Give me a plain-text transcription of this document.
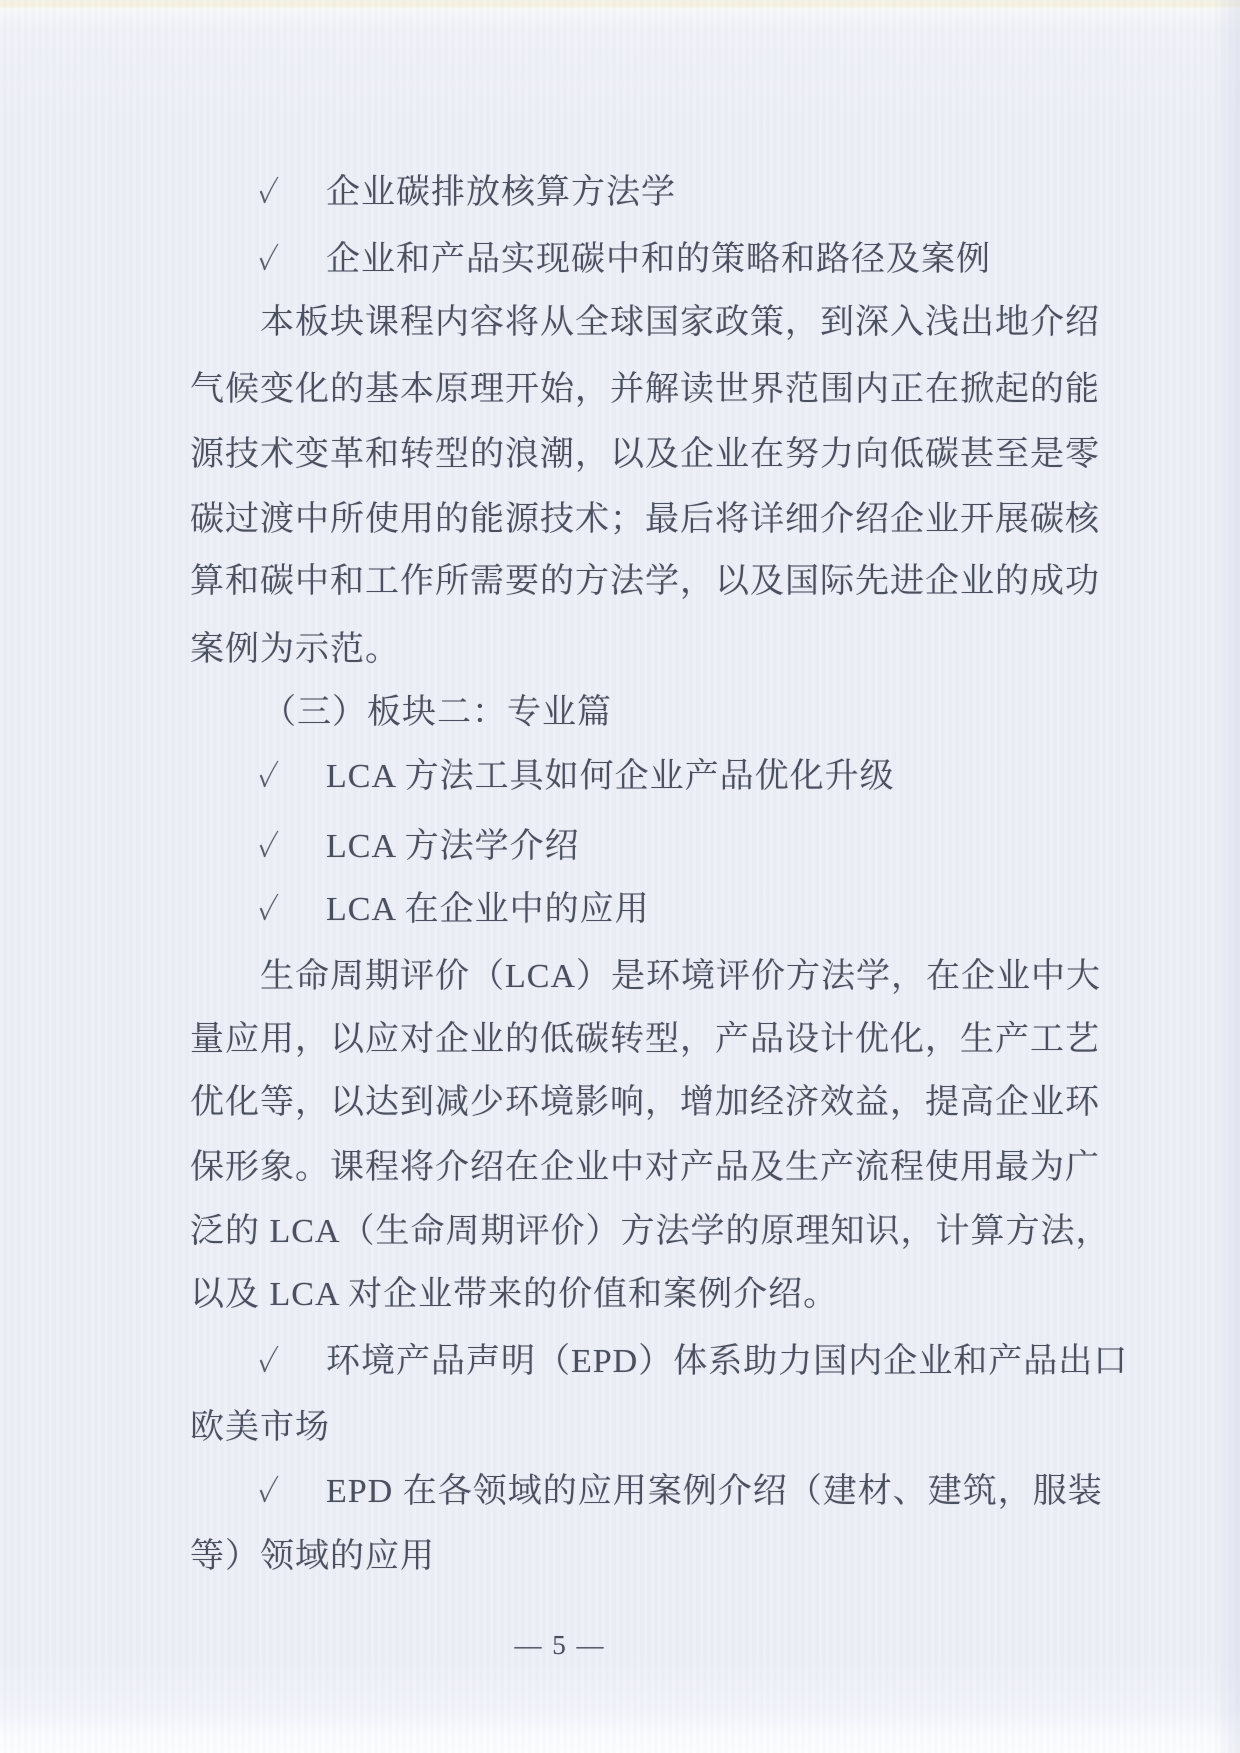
✓ 企业碳排放核算方法学
✓ 企业和产品实现碳中和的策略和路径及案例
本板块课程内容将从全球国家政策，到深入浅出地介绍
气候变化的基本原理开始，并解读世界范围内正在掀起的能
源技术变革和转型的浪潮，以及企业在努力向低碳甚至是零
碳过渡中所使用的能源技术；最后将详细介绍企业开展碳核
算和碳中和工作所需要的方法学，以及国际先进企业的成功
案例为示范。
（三）板块二：专业篇
✓ LCA 方法工具如何企业产品优化升级
✓ LCA 方法学介绍
✓ LCA 在企业中的应用
生命周期评价（LCA）是环境评价方法学，在企业中大
量应用，以应对企业的低碳转型，产品设计优化，生产工艺
优化等，以达到减少环境影响，增加经济效益，提高企业环
保形象。课程将介绍在企业中对产品及生产流程使用最为广
泛的 LCA（生命周期评价）方法学的原理知识，计算方法，
以及 LCA 对企业带来的价值和案例介绍。
✓ 环境产品声明（EPD）体系助力国内企业和产品出口
欧美市场
✓ EPD 在各领域的应用案例介绍（建材、建筑，服装
等）领域的应用
— 5 —
